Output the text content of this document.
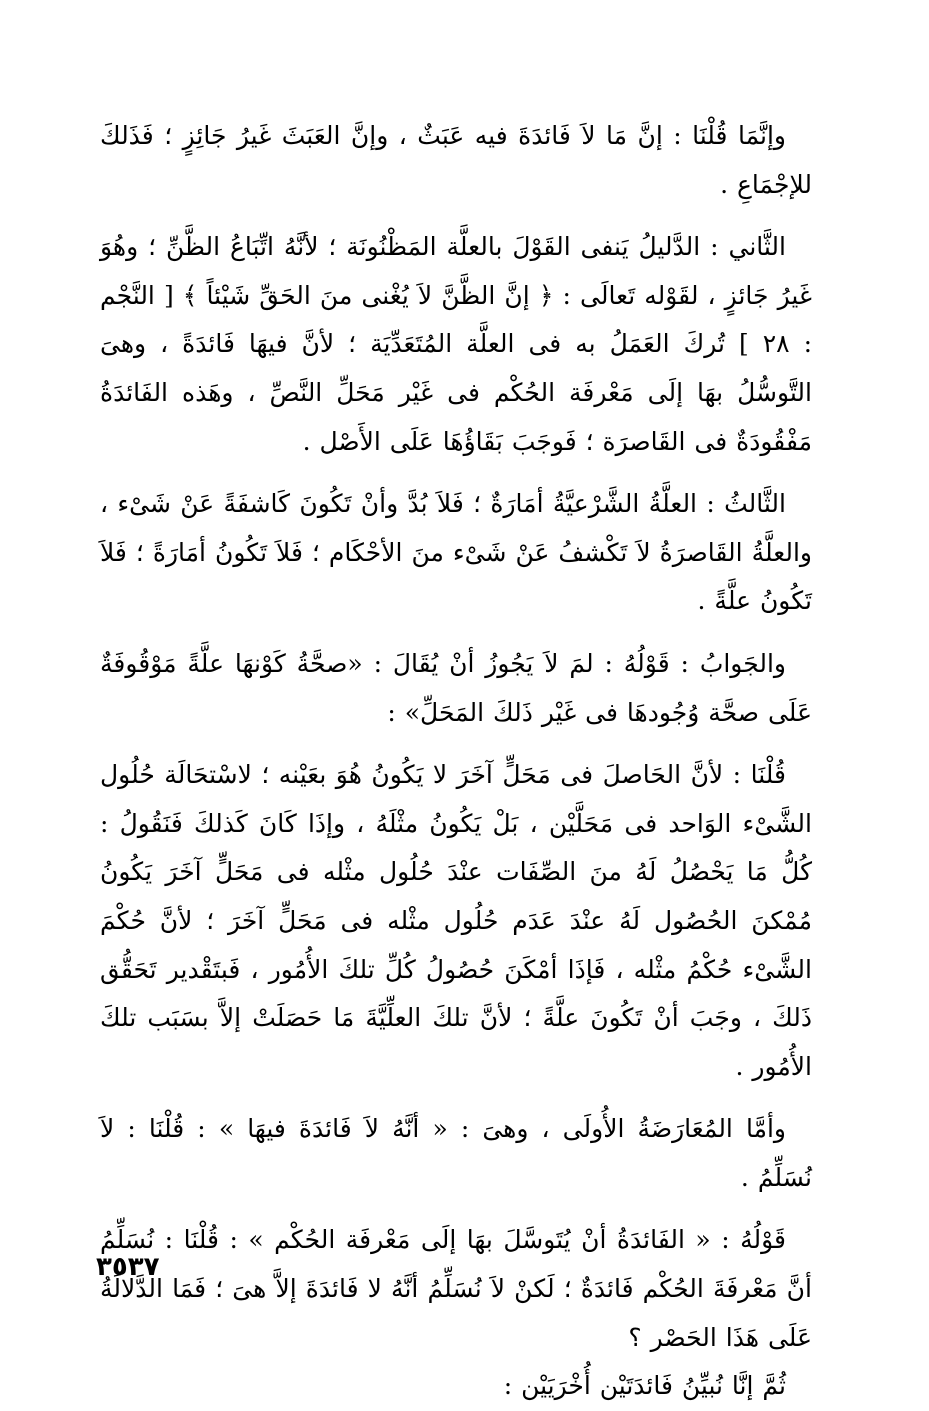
وإنَّمَا قُلْنَا : إنَّ مَا لاَ فَائدَةَ فيه عَبَثٌ ، وإنَّ العَبَثَ غَيرُ جَائِزٍ ؛ فَذَلكَ للإجْمَاعِ .

الثَّاني : الدَّليلُ يَنفى القَوْلَ بالعلَّة المَظْنُونَة ؛ لأنَّهُ اتِّبَاعُ الظَّنِّ ؛ وهُوَ غَيرُ جَائزٍ ، لقَوْله تَعالَى : ﴿ إنَّ الظَّنَّ لاَ يُغْنى منَ الحَقِّ شَيْئاً ﴾ [ النَّجْم : ٢٨ ] تُركَ العَمَلُ به فى العلَّة المُتَعَدِّيَة ؛ لأنَّ فيهَا فَائدَةً ، وهىَ التَّوسُّلُ بهَا إلَى مَعْرفَة الحُكْم فى غَيْر مَحَلِّ النَّصِّ ، وهَذه الفَائدَةُ مَفْقُودَةٌ فى القَاصرَة ؛ فَوجَبَ بَقَاؤُهَا عَلَى الأَصْل .

الثَّالثُ : العلَّةُ الشَّرْعيَّةُ أمَارَةٌ ؛ فَلاَ بُدَّ وأنْ تَكُونَ كَاشفَةً عَنْ شَىْء ، والعلَّةُ القَاصرَةُ لاَ تَكْشفُ عَنْ شَىْء منَ الأحْكَام ؛ فَلاَ تَكُونُ أمَارَةً ؛ فَلاَ تَكُونُ علَّةً .

والجَوابُ : قَوْلُهُ : لمَ لاَ يَجُوزُ أنْ يُقَالَ : «صحَّةُ كَوْنهَا علَّةً مَوْقُوفَةٌ عَلَى صحَّة وُجُودهَا فى غَيْر ذَلكَ المَحَلِّ» :

قُلْنَا : لأنَّ الحَاصلَ فى مَحَلٍّ آخَرَ لا يَكُونُ هُوَ بعَيْنه ؛ لاسْتحَالَة حُلُول الشَّىْء الوَاحد فى مَحَلَّيْن ، بَلْ يَكُونُ مثْلَهُ ، وإذَا كَانَ كَذلكَ فَنَقُولُ : كُلُّ مَا يَحْصُلُ لَهُ منَ الصِّفَات عنْدَ حُلُول مثْله فى مَحَلٍّ آخَرَ يَكُونُ مُمْكنَ الحُصُول لَهُ عنْدَ عَدَم حُلُول مثْله فى مَحَلٍّ آخَرَ ؛ لأنَّ حُكْمَ الشَّىْء حُكْمُ مثْله ، فَإذَا أمْكَنَ حُصُولُ كُلِّ تلكَ الأُمُور ، فَبتَقْدير تَحَقُّق ذَلكَ ، وجَبَ أنْ تَكُونَ علَّةً ؛ لأنَّ تلكَ العلِّيَّةَ مَا حَصَلَتْ إلاَّ بسَبَب تلكَ الأُمُور .

وأمَّا المُعَارَضَةُ الأُولَى ، وهىَ : « أنَّهُ لاَ فَائدَةَ فيهَا » : قُلْنَا : لاَ نُسَلِّمُ .

قَوْلُهُ : « الفَائدَةُ أنْ يُتَوسَّلَ بهَا إلَى مَعْرفَة الحُكْم » : قُلْنَا : نُسَلِّمُ أنَّ مَعْرفَةَ الحُكْم فَائدَةٌ ؛ لَكنْ لاَ نُسَلِّمُ أنَّهُ لا فَائدَةَ إلاَّ هىَ ؛ فَمَا الدَّلالَةُ عَلَى هَذَا الحَصْر ؟

ثُمَّ إنَّا نُبيِّنُ فَائدَتَيْن أُخْرَيَيْن :

٣٥٣٧
